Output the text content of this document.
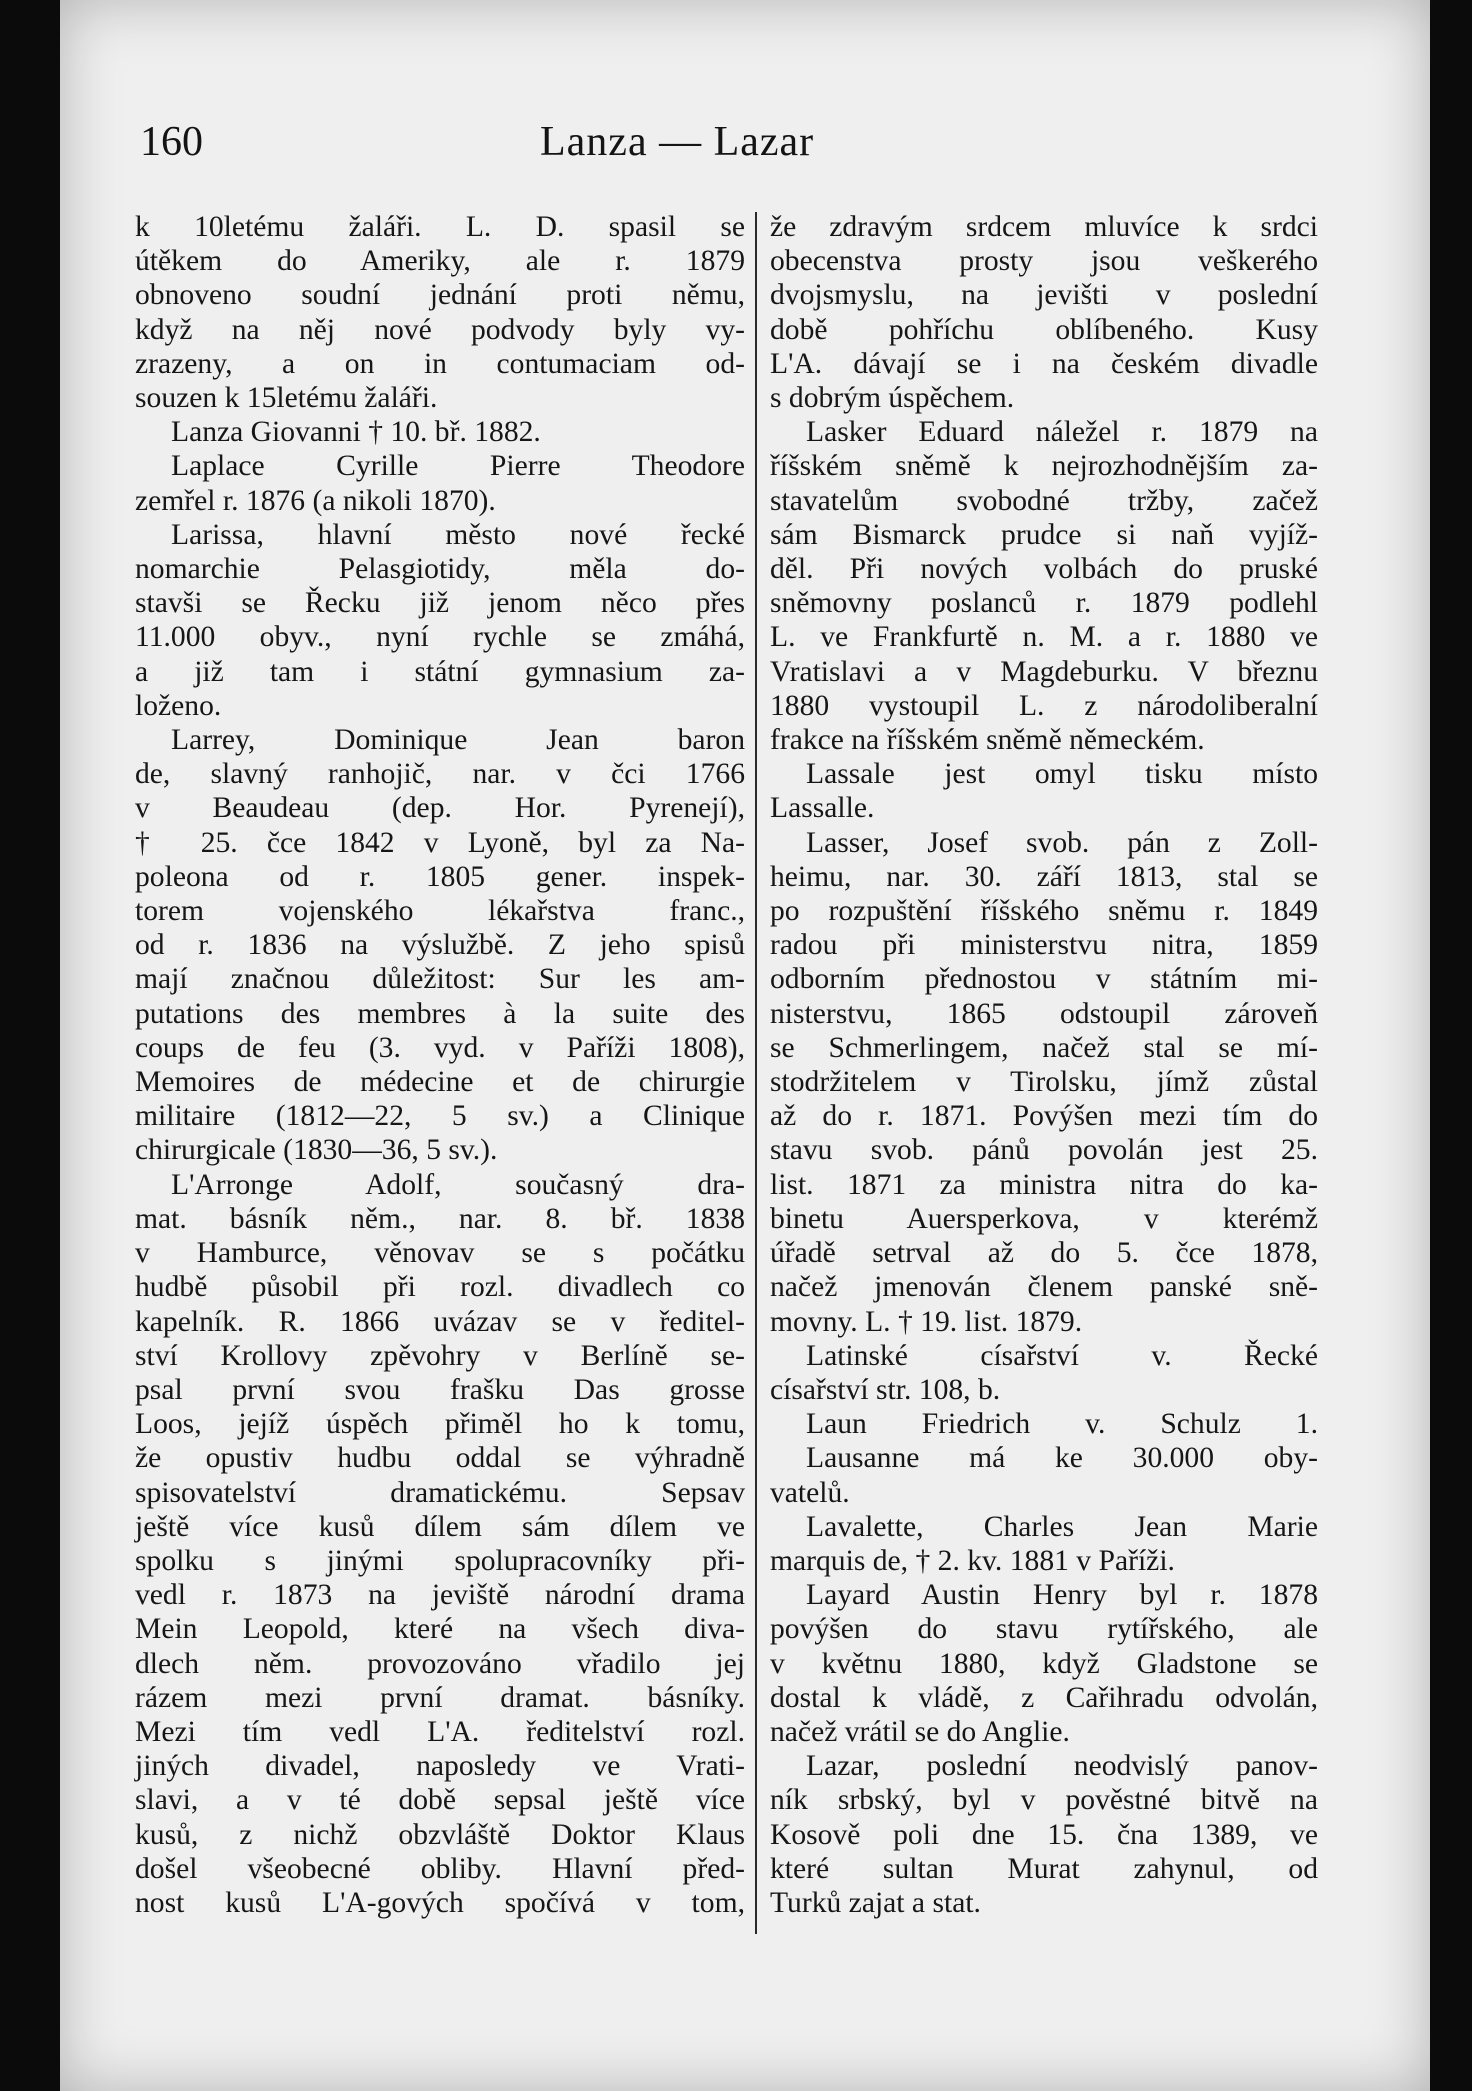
160	Lanza — Lazar
k 10letému žaláři. L. D. spasil se
útěkem do Ameriky, ale r. 1879
obnoveno soudní jednání proti němu,
když na něj nové podvody byly vy-
zrazeny, a on in contumaciam od-
souzen k 15letému žaláři.
Lanza Giovanni † 10. bř. 1882.
Laplace Cyrille Pierre Theodore
zemřel r. 1876 (a nikoli 1870).
Larissa, hlavní město nové řecké
nomarchie Pelasgiotidy, měla do-
stavši se Řecku již jenom něco přes
11.000 obyv., nyní rychle se zmáhá,
a již tam i státní gymnasium za-
loženo.
Larrey, Dominique Jean baron
de, slavný ranhojič, nar. v čci 1766
v Beaudeau (dep. Hor. Pyrenejí),
† 25. čce 1842 v Lyoně, byl za Na-
poleona od r. 1805 gener. inspek-
torem vojenského lékařstva franc.,
od r. 1836 na výslužbě. Z jeho spisů
mají značnou důležitost: Sur les am-
putations des membres à la suite des
coups de feu (3. vyd. v Paříži 1808),
Memoires de médecine et de chirurgie
militaire (1812—22, 5 sv.) a Clinique
chirurgicale (1830—36, 5 sv.).
L'Arronge Adolf, současný dra-
mat. básník něm., nar. 8. bř. 1838
v Hamburce, věnovav se s počátku
hudbě působil při rozl. divadlech co
kapelník. R. 1866 uvázav se v ředitel-
ství Krollovy zpěvohry v Berlíně se-
psal první svou frašku Das grosse
Loos, jejíž úspěch přiměl ho k tomu,
že opustiv hudbu oddal se výhradně
spisovatelství dramatickému. Sepsav
ještě více kusů dílem sám dílem ve
spolku s jinými spolupracovníky při-
vedl r. 1873 na jeviště národní drama
Mein Leopold, které na všech diva-
dlech něm. provozováno vřadilo jej
rázem mezi první dramat. básníky.
Mezi tím vedl L'A. ředitelství rozl.
jiných divadel, naposledy ve Vrati-
slavi, a v té době sepsal ještě více
kusů, z nichž obzvláště Doktor Klaus
došel všeobecné obliby. Hlavní před-
nost kusů L'A-gových spočívá v tom,
že zdravým srdcem mluvíce k srdci
obecenstva prosty jsou veškerého
dvojsmyslu, na jevišti v poslední
době pohříchu oblíbeného. Kusy
L'A. dávají se i na českém divadle
s dobrým úspěchem.
Lasker Eduard náležel r. 1879 na
říšském sněmě k nejrozhodnějším za-
stavatelům svobodné tržby, začež
sám Bismarck prudce si naň vyjíž-
děl. Při nových volbách do pruské
sněmovny poslanců r. 1879 podlehl
L. ve Frankfurtě n. M. a r. 1880 ve
Vratislavi a v Magdeburku. V březnu
1880 vystoupil L. z národoliberalní
frakce na říšském sněmě německém.
Lassale jest omyl tisku místo
Lassalle.
Lasser, Josef svob. pán z Zoll-
heimu, nar. 30. září 1813, stal se
po rozpuštění říšského sněmu r. 1849
radou při ministerstvu nitra, 1859
odborním přednostou v státním mi-
nisterstvu, 1865 odstoupil zároveň
se Schmerlingem, načež stal se mí-
stodržitelem v Tirolsku, jímž zůstal
až do r. 1871. Povýšen mezi tím do
stavu svob. pánů povolán jest 25.
list. 1871 za ministra nitra do ka-
binetu Auersperkova, v kterémž
úřadě setrval až do 5. čce 1878,
načež jmenován členem panské sně-
movny. L. † 19. list. 1879.
Latinské císařství v. Řecké
císařství str. 108, b.
Laun Friedrich v. Schulz 1.
Lausanne má ke 30.000 oby-
vatelů.
Lavalette, Charles Jean Marie
marquis de, † 2. kv. 1881 v Paříži.
Layard Austin Henry byl r. 1878
povýšen do stavu rytířského, ale
v květnu 1880, když Gladstone se
dostal k vládě, z Cařihradu odvolán,
načež vrátil se do Anglie.
Lazar, poslední neodvislý panov-
ník srbský, byl v pověstné bitvě na
Kosově poli dne 15. čna 1389, ve
které sultan Murat zahynul, od
Turků zajat a stat.
